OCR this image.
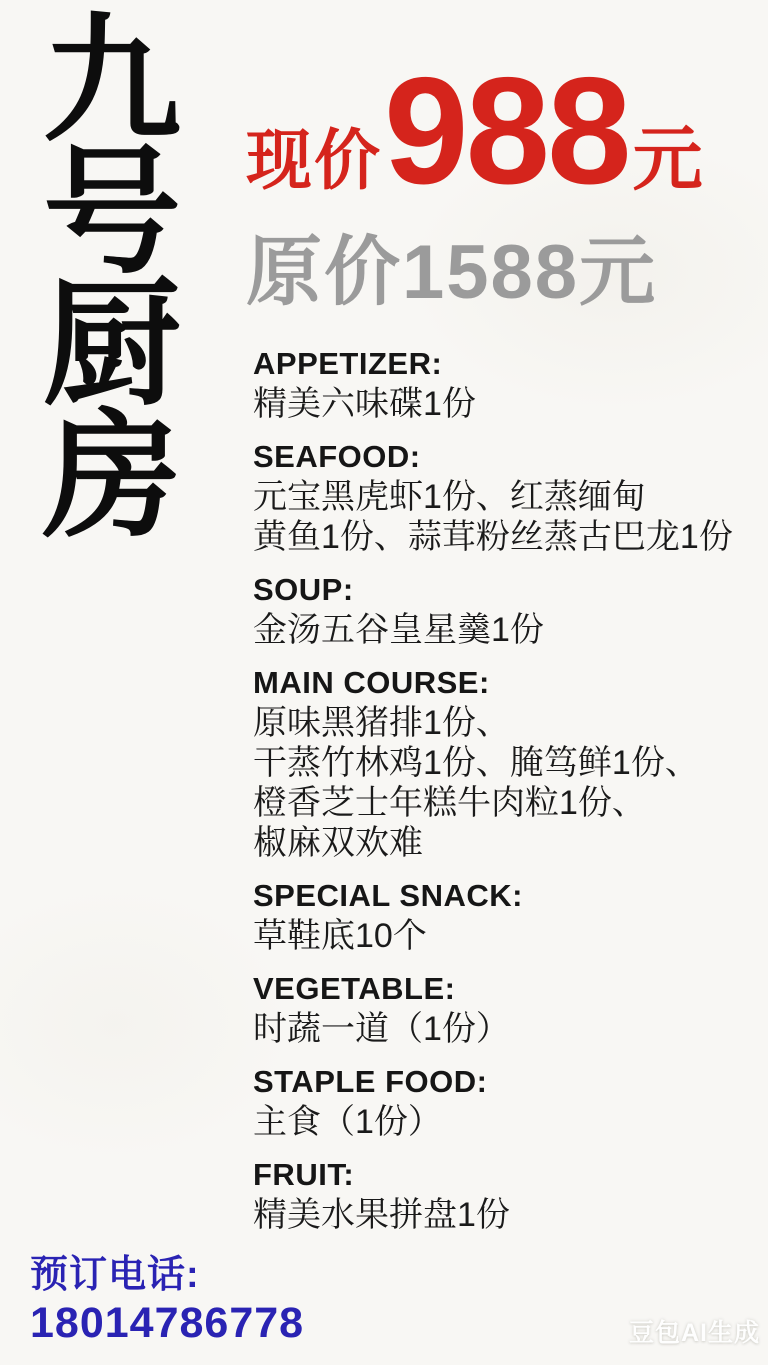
九
号
厨
房
现价 988 元
原价1588元
APPETIZER:
精美六味碟1份
SEAFOOD:
元宝黑虎虾1份、红蒸缅甸
黄鱼1份、蒜茸粉丝蒸古巴龙1份
SOUP:
金汤五谷皇星羹1份
MAIN COURSE:
原味黑猪排1份、
干蒸竹林鸡1份、腌笃鲜1份、
橙香芝士年糕牛肉粒1份、
椒麻双欢难
SPECIAL SNACK:
草鞋底10个
VEGETABLE:
时蔬一道（1份）
STAPLE FOOD:
主食（1份）
FRUIT:
精美水果拼盘1份
预订电话:
18014786778	豆包AI生成
